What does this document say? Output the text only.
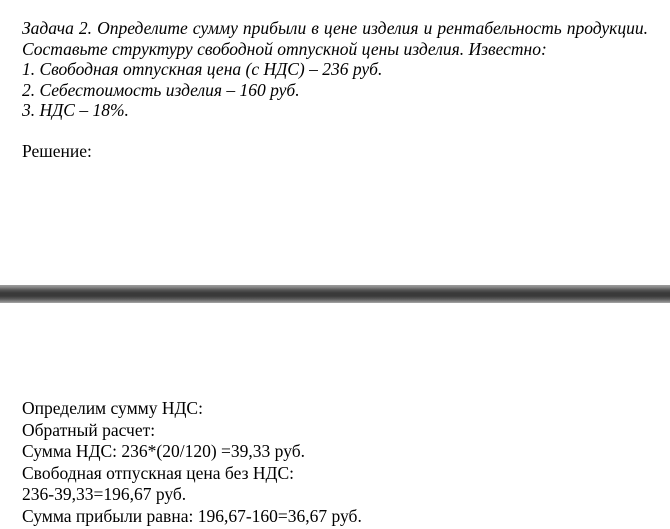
Задача 2. Определите сумму прибыли в цене изделия и рентабельность продукции. Составьте структуру свободной отпускной цены изделия. Известно:
1. Свободная отпускная цена (с НДС) – 236 руб.
2. Себестоимость изделия – 160 руб.
3. НДС – 18%.
Решение:
Определим сумму НДС:
Обратный расчет:
Сумма НДС: 236*(20/120) =39,33 руб.
Свободная отпускная цена без НДС:
236-39,33=196,67 руб.
Сумма прибыли равна: 196,67-160=36,67 руб.
